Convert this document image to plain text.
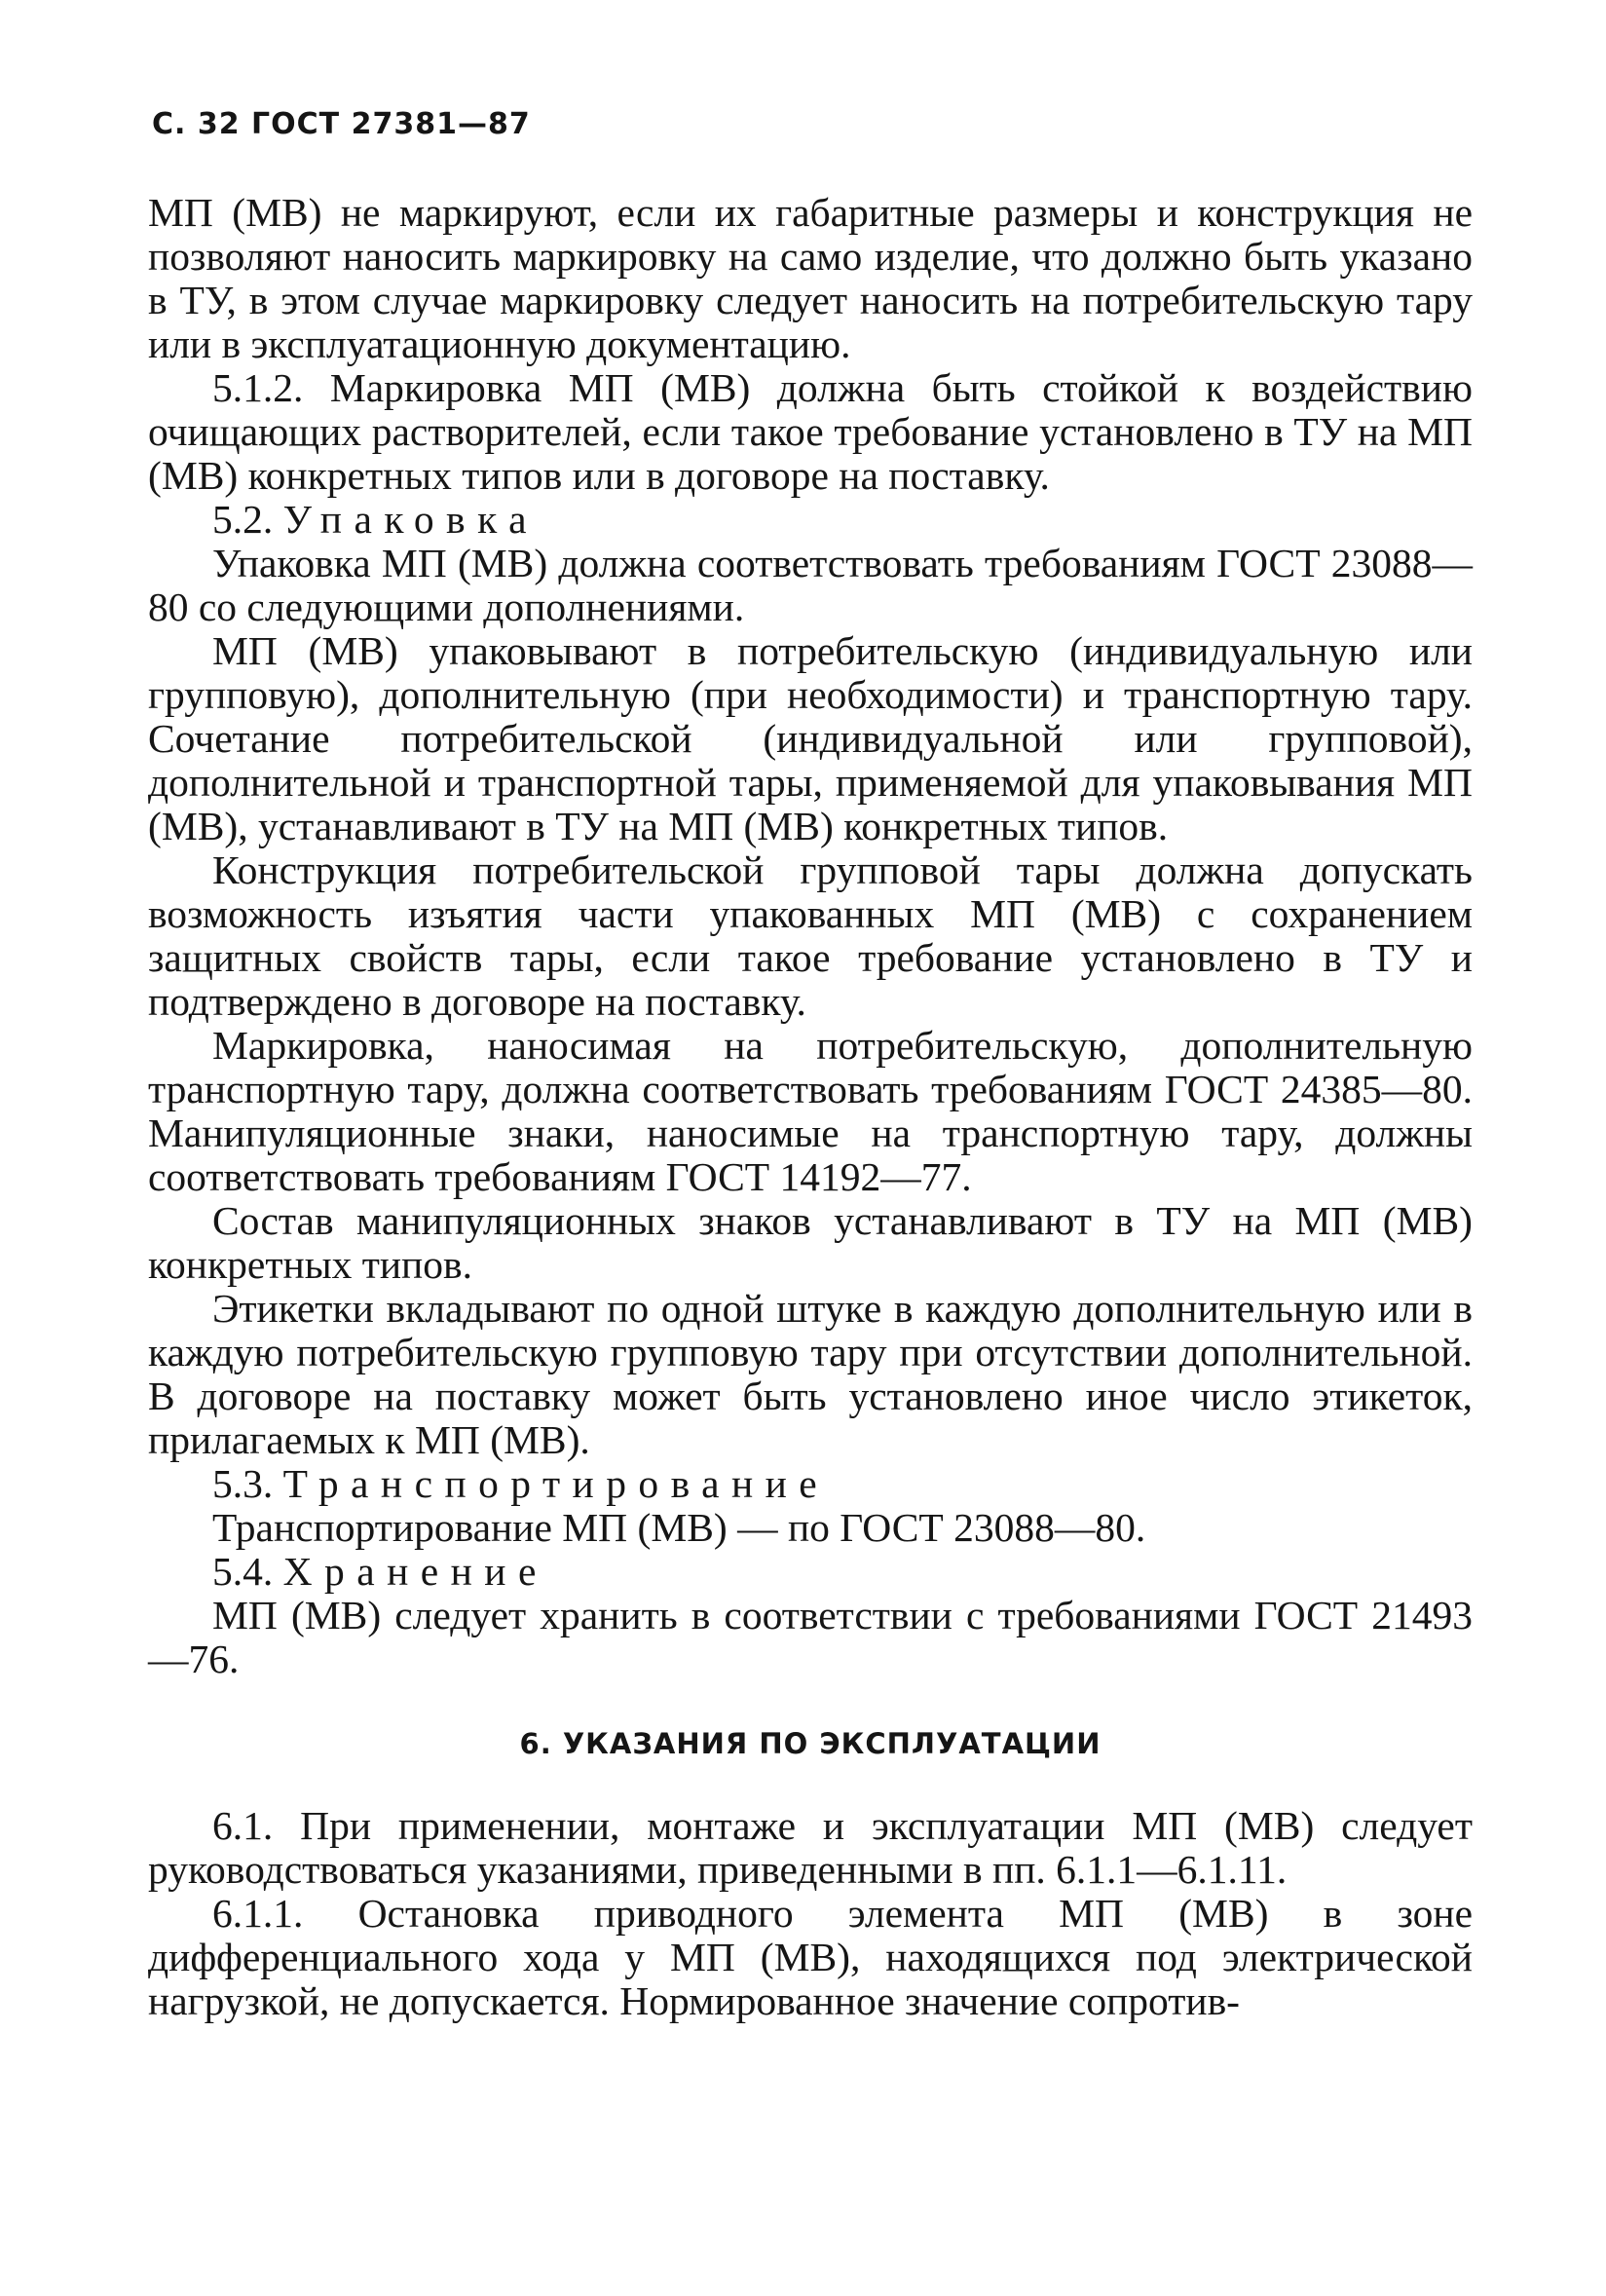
С. 32 ГОСТ 27381—87

МП (МВ) не маркируют, если их габаритные размеры и конструкция не позволяют наносить маркировку на само изделие, что должно быть указано в ТУ, в этом случае маркировку следует наносить на потребительскую тару или в эксплуатационную документацию.

5.1.2. Маркировка МП (МВ) должна быть стойкой к воздействию очищающих растворителей, если такое требование установлено в ТУ на МП (МВ) конкретных типов или в договоре на поставку.

5.2. Упаковка

Упаковка МП (МВ) должна соответствовать требованиям ГОСТ 23088—80 со следующими дополнениями.

МП (МВ) упаковывают в потребительскую (индивидуальную или групповую), дополнительную (при необходимости) и транспортную тару. Сочетание потребительской (индивидуальной или групповой), дополнительной и транспортной тары, применяемой для упаковывания МП (МВ), устанавливают в ТУ на МП (МВ) конкретных типов.

Конструкция потребительской групповой тары должна допускать возможность изъятия части упакованных МП (МВ) с сохранением защитных свойств тары, если такое требование установлено в ТУ и подтверждено в договоре на поставку.

Маркировка, наносимая на потребительскую, дополнительную транспортную тару, должна соответствовать требованиям ГОСТ 24385—80. Манипуляционные знаки, наносимые на транспортную тару, должны соответствовать требованиям ГОСТ 14192—77.

Состав манипуляционных знаков устанавливают в ТУ на МП (МВ) конкретных типов.

Этикетки вкладывают по одной штуке в каждую дополнительную или в каждую потребительскую групповую тару при отсутствии дополнительной. В договоре на поставку может быть установлено иное число этикеток, прилагаемых к МП (МВ).

5.3. Транспортирование

Транспортирование МП (МВ) — по ГОСТ 23088—80.

5.4. Хранение

МП (МВ) следует хранить в соответствии с требованиями ГОСТ 21493—76.

6. УКАЗАНИЯ ПО ЭКСПЛУАТАЦИИ

6.1. При применении, монтаже и эксплуатации МП (МВ) следует руководствоваться указаниями, приведенными в пп. 6.1.1—6.1.11.

6.1.1. Остановка приводного элемента МП (МВ) в зоне дифференциального хода у МП (МВ), находящихся под электрической нагрузкой, не допускается. Нормированное значение сопротив-
